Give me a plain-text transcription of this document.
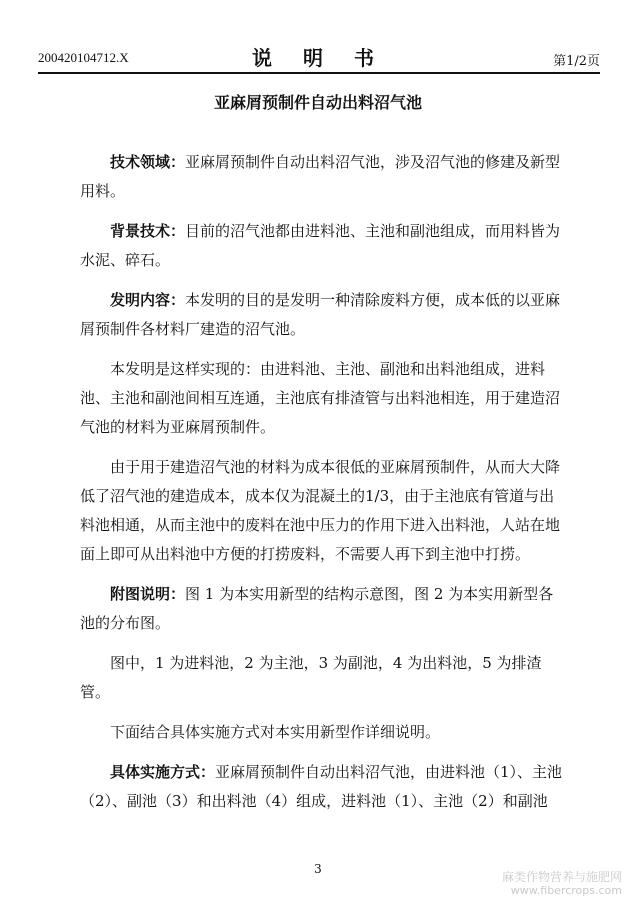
200420104712.X	说 明 书	第1/2页
亚麻屑预制件自动出料沼气池

技术领域：亚麻屑预制件自动出料沼气池，涉及沼气池的修建及新型用料。

背景技术：目前的沼气池都由进料池、主池和副池组成，而用料皆为水泥、碎石。

发明内容：本发明的目的是发明一种清除废料方便，成本低的以亚麻屑预制件各材料厂建造的沼气池。

本发明是这样实现的：由进料池、主池、副池和出料池组成，进料池、主池和副池间相互连通，主池底有排渣管与出料池相连，用于建造沼气池的材料为亚麻屑预制件。

由于用于建造沼气池的材料为成本很低的亚麻屑预制件，从而大大降低了沼气池的建造成本，成本仅为混凝土的1/3，由于主池底有管道与出料池相通，从而主池中的废料在池中压力的作用下进入出料池，人站在地面上即可从出料池中方便的打捞废料，不需要人再下到主池中打捞。

附图说明：图 1 为本实用新型的结构示意图，图 2 为本实用新型各池的分布图。

图中，1 为进料池，2 为主池，3 为副池，4 为出料池，5 为排渣管。

下面结合具体实施方式对本实用新型作详细说明。

具体实施方式：亚麻屑预制件自动出料沼气池，由进料池（1）、主池（2）、副池（3）和出料池（4）组成，进料池（1）、主池（2）和副池

3
麻类作物营养与施肥网
www.fibercrops.com
